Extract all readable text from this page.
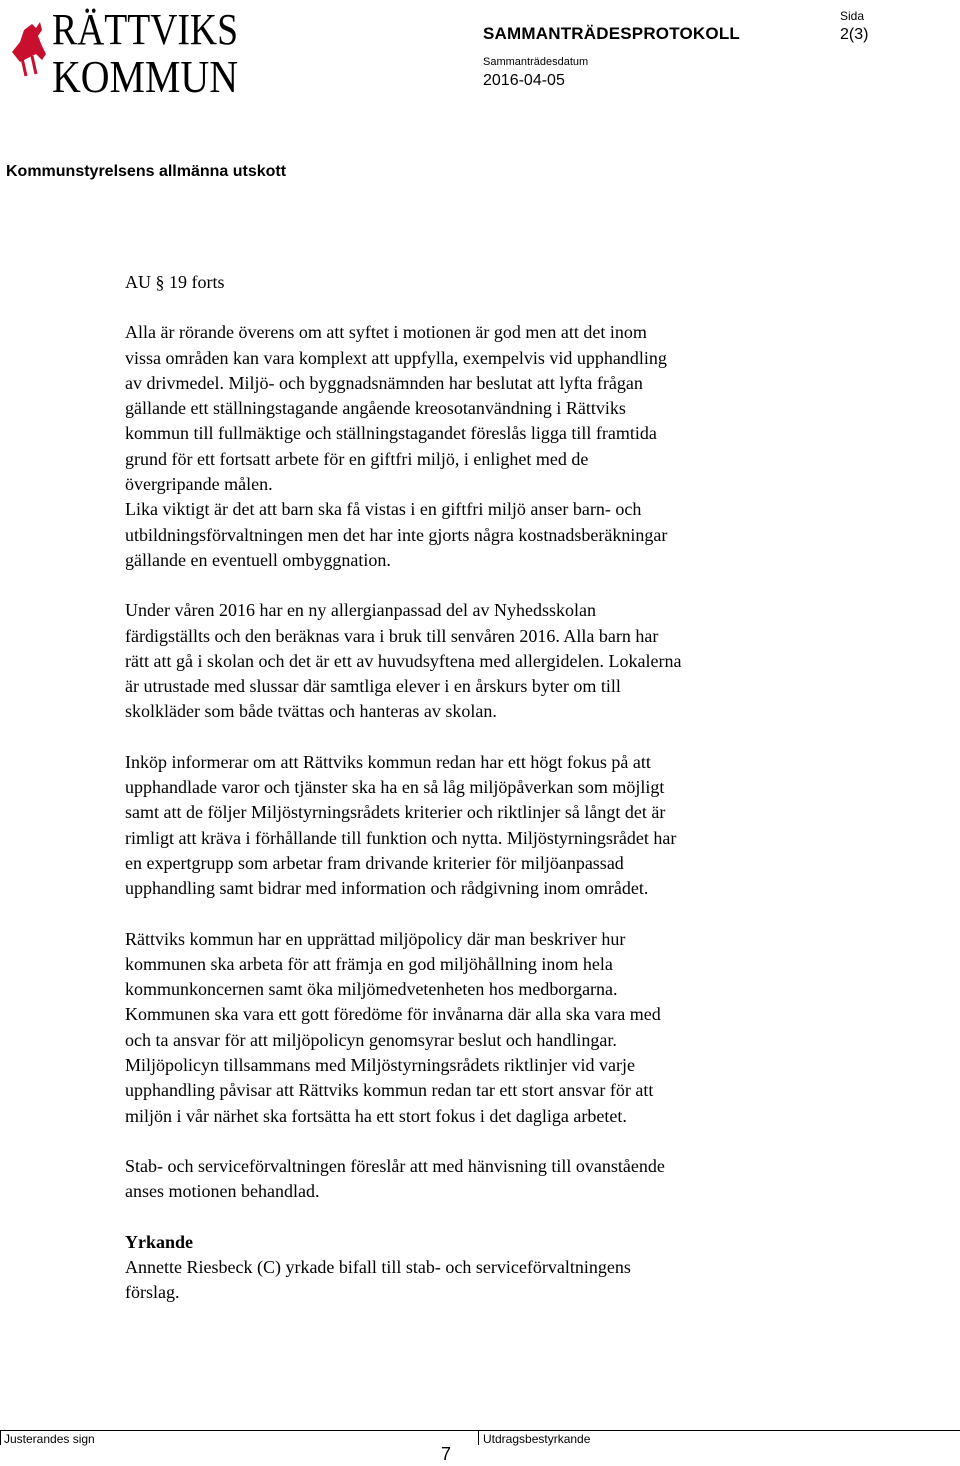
RÄTTVIKS
KOMMUN
SAMMANTRÄDESPROTOKOLL
Sammanträdesdatum
2016-04-05
Sida
2(3)
Kommunstyrelsens allmänna utskott

AU § 19 forts

Alla är rörande överens om att syftet i motionen är god men att det inom

vissa områden kan vara komplext att uppfylla, exempelvis vid upphandling

av drivmedel. Miljö- och byggnadsnämnden har beslutat att lyfta frågan

gällande ett ställningstagande angående kreosotanvändning i Rättviks

kommun till fullmäktige och ställningstagandet föreslås ligga till framtida

grund för ett fortsatt arbete för en giftfri miljö, i enlighet med de

övergripande målen.

Lika viktigt är det att barn ska få vistas i en giftfri miljö anser barn- och

utbildningsförvaltningen men det har inte gjorts några kostnadsberäkningar

gällande en eventuell ombyggnation.

Under våren 2016 har en ny allergianpassad del av Nyhedsskolan

färdigställts och den beräknas vara i bruk till senvåren 2016. Alla barn har

rätt att gå i skolan och det är ett av huvudsyftena med allergidelen. Lokalerna

är utrustade med slussar där samtliga elever i en årskurs byter om till

skolkläder som både tvättas och hanteras av skolan.

Inköp informerar om att Rättviks kommun redan har ett högt fokus på att

upphandlade varor och tjänster ska ha en så låg miljöpåverkan som möjligt

samt att de följer Miljöstyrningsrådets kriterier och riktlinjer så långt det är

rimligt att kräva i förhållande till funktion och nytta. Miljöstyrningsrådet har

en expertgrupp som arbetar fram drivande kriterier för miljöanpassad

upphandling samt bidrar med information och rådgivning inom området.

Rättviks kommun har en upprättad miljöpolicy där man beskriver hur

kommunen ska arbeta för att främja en god miljöhållning inom hela

kommunkoncernen samt öka miljömedvetenheten hos medborgarna.

Kommunen ska vara ett gott föredöme för invånarna där alla ska vara med

och ta ansvar för att miljöpolicyn genomsyrar beslut och handlingar.

Miljöpolicyn tillsammans med Miljöstyrningsrådets riktlinjer vid varje

upphandling påvisar att Rättviks kommun redan tar ett stort ansvar för att

miljön i vår närhet ska fortsätta ha ett stort fokus i det dagliga arbetet.

Stab- och serviceförvaltningen föreslår att med hänvisning till ovanstående

anses motionen behandlad.

Yrkande

Annette Riesbeck (C) yrkade bifall till stab- och serviceförvaltningens

förslag.

Justerandes sign	Utdragsbestyrkande
7
